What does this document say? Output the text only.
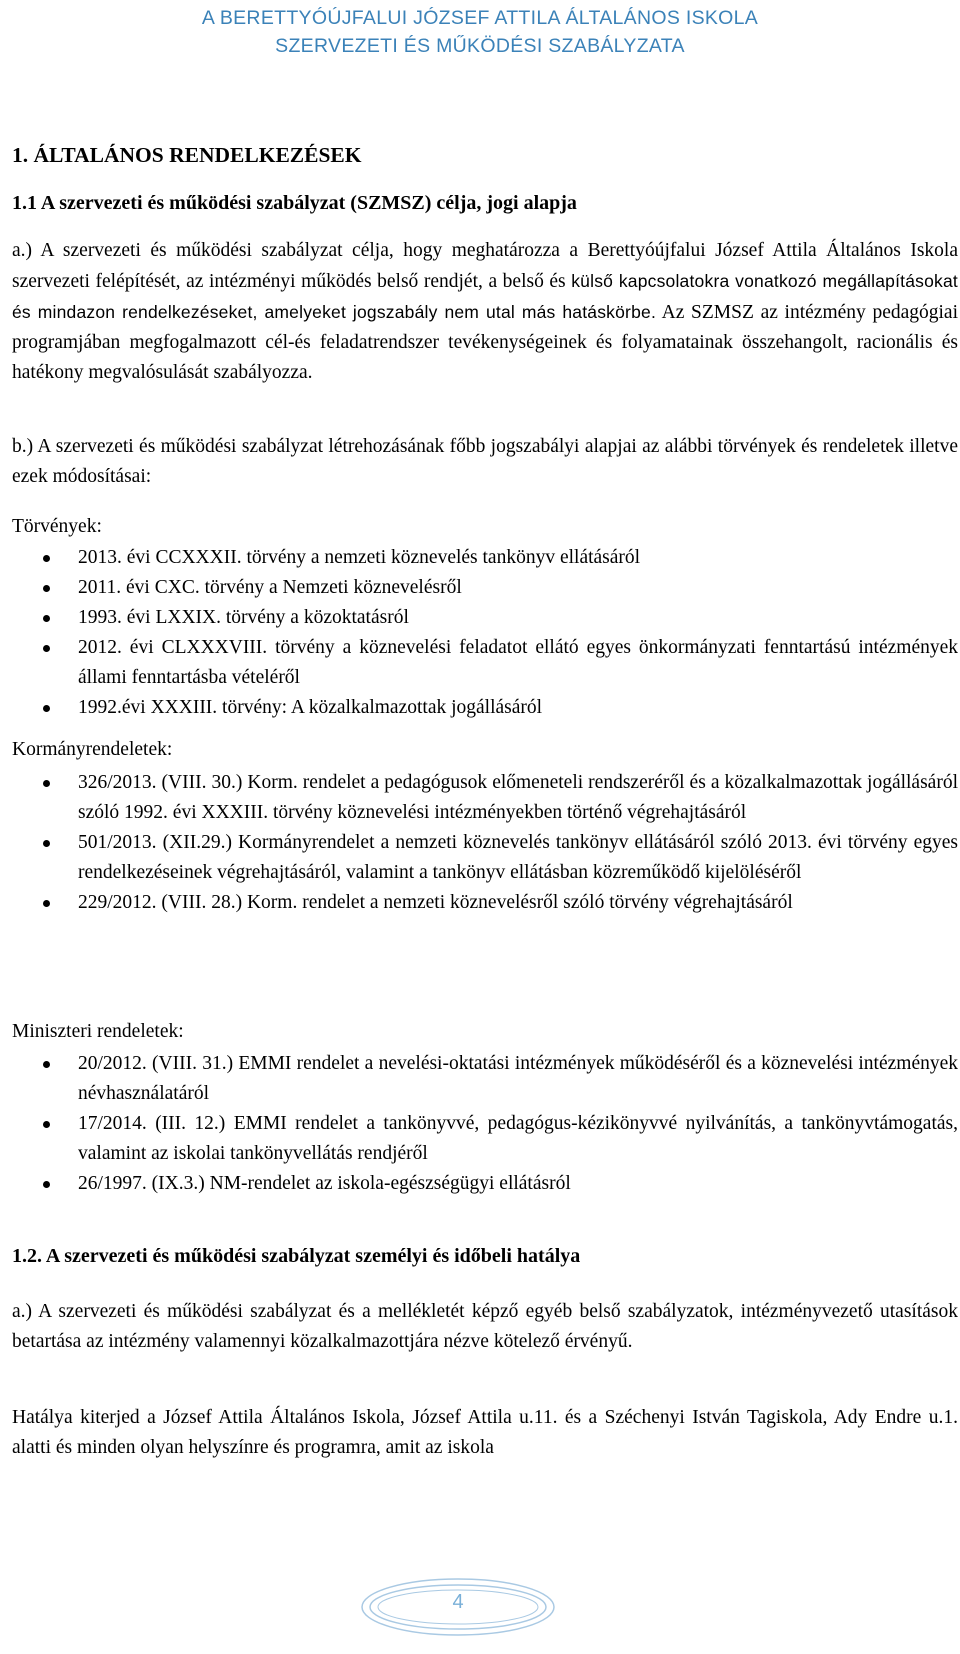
A BERETTYÓÚJFALUI JÓZSEF ATTILA ÁLTALÁNOS ISKOLA
SZERVEZETI ÉS MŰKÖDÉSI SZABÁLYZATA
1. ÁLTALÁNOS RENDELKEZÉSEK
1.1 A szervezeti és működési szabályzat (SZMSZ) célja, jogi alapja
a.) A szervezeti és működési szabályzat célja, hogy meghatározza a Berettyóújfalui József Attila Általános Iskola szervezeti felépítését, az intézményi működés belső rendjét, a belső és külső kapcsolatokra vonatkozó megállapításokat és mindazon rendelkezéseket, amelyeket jogszabály nem utal más hatáskörbe. Az SZMSZ az intézmény pedagógiai programjában megfogalmazott cél-és feladatrendszer tevékenységeinek és folyamatainak összehangolt, racionális és hatékony megvalósulását szabályozza.
b.) A szervezeti és működési szabályzat létrehozásának főbb jogszabályi alapjai az alábbi törvények és rendeletek illetve ezek módosításai:
Törvények:
2013. évi CCXXXII. törvény a nemzeti köznevelés tankönyv ellátásáról
2011. évi CXC. törvény a Nemzeti köznevelésről
1993. évi LXXIX. törvény a közoktatásról
2012. évi CLXXXVIII. törvény a köznevelési feladatot ellátó egyes önkormányzati fenntartású intézmények állami fenntartásba vételéről
1992.évi XXXIII. törvény: A közalkalmazottak jogállásáról
Kormányrendeletek:
326/2013. (VIII. 30.) Korm. rendelet a pedagógusok előmeneteli rendszeréről és a közalkalmazottak jogállásáról szóló 1992. évi XXXIII. törvény köznevelési intézményekben történő végrehajtásáról
501/2013. (XII.29.) Kormányrendelet a nemzeti köznevelés tankönyv ellátásáról szóló 2013. évi törvény egyes rendelkezéseinek végrehajtásáról, valamint a tankönyv ellátásban közreműködő kijelöléséről
229/2012. (VIII. 28.) Korm. rendelet a nemzeti köznevelésről szóló törvény végrehajtásáról
Miniszteri rendeletek:
20/2012. (VIII. 31.) EMMI rendelet a nevelési-oktatási intézmények működéséről és a köznevelési intézmények névhasználatáról
17/2014. (III. 12.) EMMI rendelet a tankönyvvé, pedagógus-kézikönyvvé nyilvánítás, a tankönyvtámogatás, valamint az iskolai tankönyvellátás rendjéről
26/1997. (IX.3.) NM-rendelet az iskola-egészségügyi ellátásról
1.2. A szervezeti és működési szabályzat személyi és időbeli hatálya
a.) A szervezeti és működési szabályzat és a mellékletét képző egyéb belső szabályzatok, intézményvezető utasítások betartása az intézmény valamennyi közalkalmazottjára nézve kötelező érvényű.
Hatálya kiterjed a József Attila Általános Iskola, József Attila u.11. és a Széchenyi István Tagiskola, Ady Endre u.1. alatti és minden olyan helyszínre és programra, amit az iskola
4
